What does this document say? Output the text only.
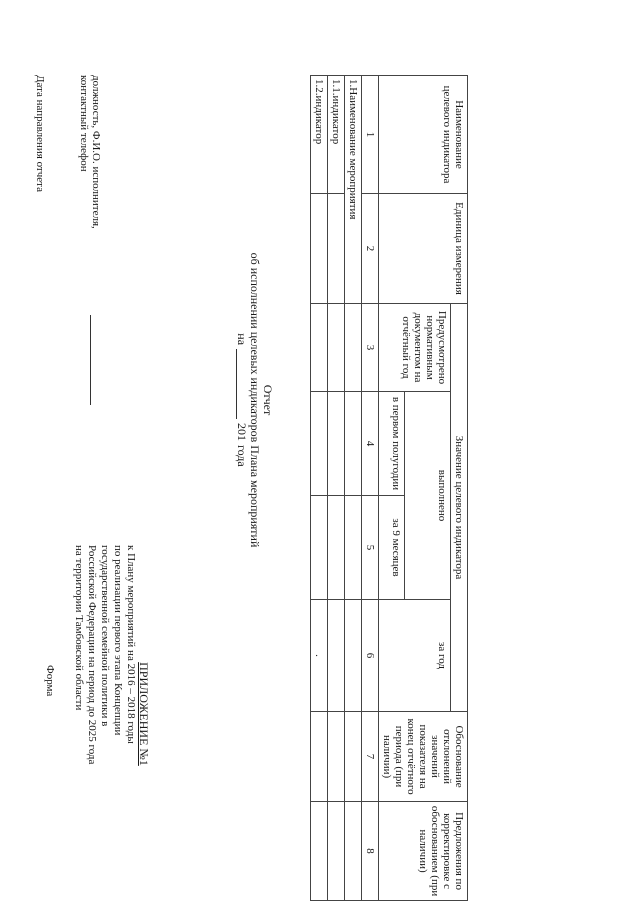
ПРИЛОЖЕНИЕ №1
к Плану мероприятий на 2016 – 2018 годы
по реализации первого этапа Концепции
государственной семейной политики в
Российской Федерации на период до 2025 года
на территории Тамбовской области
Форма
Отчет
об исполнении целевых индикаторов Плана мероприятий
на
201
года
Наименование целевого индикатора	Единица измерения	Значение целевого индикатора				Обоснование отклонений значений показателя на конец отчётного периода (при наличии)	Предложения по корректировке с обоснованием (при наличии)
		Предусмотрено нормативным документом на отчётный год	выполнено		за год		
			в первом полугодии	за 9 месяцев			
1	2	3	4	5	6	7	8
1.Наименование мероприятия							
1.1.индикатор							
1.2.индикатор					.		
должность, Ф.И.О. исполнителя,
контактный телефон
Дата направления отчета
